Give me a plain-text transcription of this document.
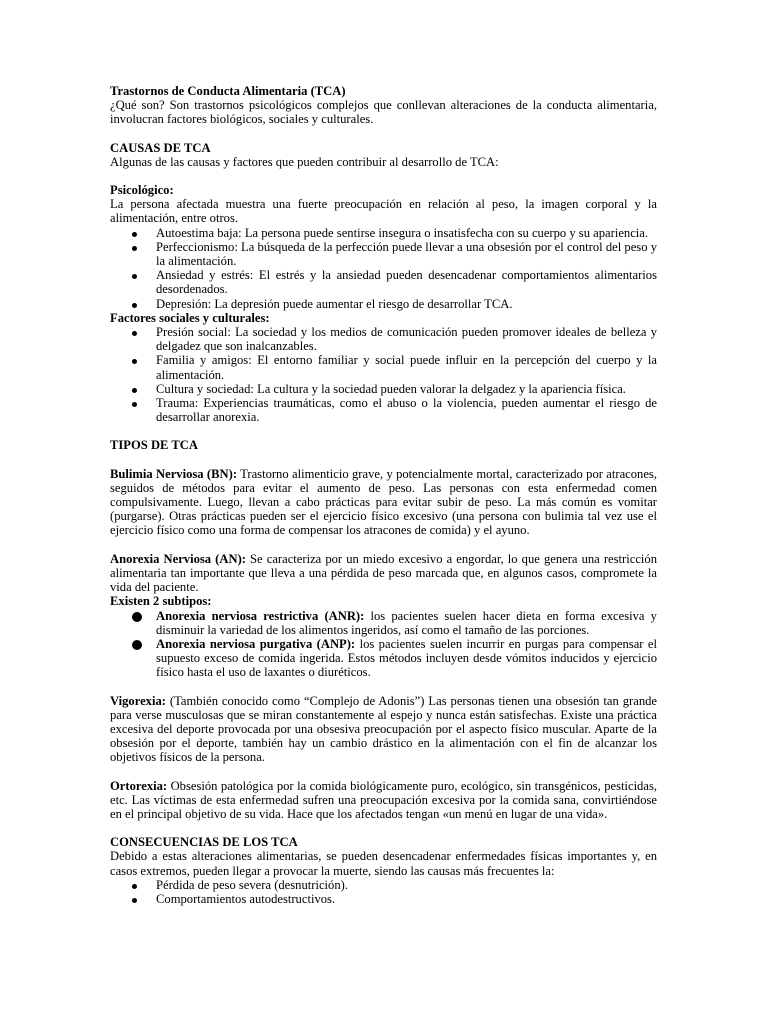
Trastornos de Conducta Alimentaria (TCA)

¿Qué son? Son trastornos psicológicos complejos que conllevan alteraciones de la conducta alimentaria, involucran factores biológicos, sociales y culturales.

CAUSAS DE TCA

Algunas de las causas y factores que pueden contribuir al desarrollo de TCA:

Psicológico:

La persona afectada muestra una fuerte preocupación en relación al peso, la imagen corporal y la alimentación, entre otros.

Autoestima baja: La persona puede sentirse insegura o insatisfecha con su cuerpo y su apariencia.
Perfeccionismo: La búsqueda de la perfección puede llevar a una obsesión por el control del peso y la alimentación.
Ansiedad y estrés: El estrés y la ansiedad pueden desencadenar comportamientos alimentarios desordenados.
Depresión: La depresión puede aumentar el riesgo de desarrollar TCA.

Factores sociales y culturales:

Presión social: La sociedad y los medios de comunicación pueden promover ideales de belleza y delgadez que son inalcanzables.
Familia y amigos: El entorno familiar y social puede influir en la percepción del cuerpo y la alimentación.
Cultura y sociedad: La cultura y la sociedad pueden valorar la delgadez y la apariencia física.
Trauma: Experiencias traumáticas, como el abuso o la violencia, pueden aumentar el riesgo de desarrollar anorexia.

TIPOS DE TCA

Bulimia Nerviosa (BN): Trastorno alimenticio grave, y potencialmente mortal, caracterizado por atracones, seguidos de métodos para evitar el aumento de peso. Las personas con esta enfermedad comen compulsivamente. Luego, llevan a cabo prácticas para evitar subir de peso. La más común es vomitar (purgarse). Otras prácticas pueden ser el ejercicio físico excesivo (una persona con bulimia tal vez use el ejercicio físico como una forma de compensar los atracones de comida) y el ayuno.

Anorexia Nerviosa (AN): Se caracteriza por un miedo excesivo a engordar, lo que genera una restricción alimentaria tan importante que lleva a una pérdida de peso marcada que, en algunos casos, compromete la vida del paciente.

Existen 2 subtipos:

Anorexia nerviosa restrictiva (ANR): los pacientes suelen hacer dieta en forma excesiva y disminuir la variedad de los alimentos ingeridos, así como el tamaño de las porciones.
Anorexia nerviosa purgativa (ANP): los pacientes suelen incurrir en purgas para compensar el supuesto exceso de comida ingerida. Estos métodos incluyen desde vómitos inducidos y ejercicio físico hasta el uso de laxantes o diuréticos.

Vigorexia: (También conocido como “Complejo de Adonis”) Las personas tienen una obsesión tan grande para verse musculosas que se miran constantemente al espejo y nunca están satisfechas. Existe una práctica excesiva del deporte provocada por una obsesiva preocupación por el aspecto físico muscular. Aparte de la obsesión por el deporte, también hay un cambio drástico en la alimentación con el fin de alcanzar los objetivos físicos de la persona.

Ortorexia: Obsesión patológica por la comida biológicamente puro, ecológico, sin transgénicos, pesticidas, etc. Las víctimas de esta enfermedad sufren una preocupación excesiva por la comida sana, convirtiéndose en el principal objetivo de su vida. Hace que los afectados tengan «un menú en lugar de una vida».

CONSECUENCIAS DE LOS TCA

Debido a estas alteraciones alimentarias, se pueden desencadenar enfermedades físicas importantes y, en casos extremos, pueden llegar a provocar la muerte, siendo las causas más frecuentes la:

Pérdida de peso severa (desnutrición).
Comportamientos autodestructivos.
